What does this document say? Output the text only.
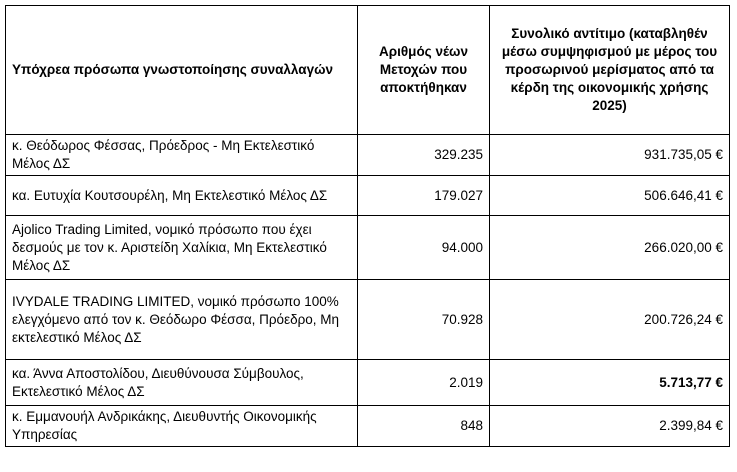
Υπόχρεα πρόσωπα γνωστοποίησης συναλλαγών	Αριθμός νέων Μετοχών που αποκτήθηκαν	Συνολικό αντίτιμο (καταβληθέν μέσω συμψηφισμού με μέρος του προσωρινού μερίσματος από τα κέρδη της οικονομικής χρήσης 2025)
κ. Θεόδωρος Φέσσας, Πρόεδρος - Μη Εκτελεστικό Μέλος ΔΣ	329.235	931.735,05 €
κα. Ευτυχία Κουτσουρέλη, Μη Εκτελεστικό Μέλος ΔΣ	179.027	506.646,41 €
Ajolico Trading Limited, νομικό πρόσωπο που έχει δεσμούς με τον κ. Αριστείδη Χαλίκια, Μη Εκτελεστικό Μέλος ΔΣ	94.000	266.020,00 €
IVYDALE TRADING LIMITED, νομικό πρόσωπο 100% ελεγχόμενο από τον κ. Θεόδωρο Φέσσα, Πρόεδρο, Μη εκτελεστικό Μέλος ΔΣ	70.928	200.726,24 €
κα. Άννα Αποστολίδου, Διευθύνουσα Σύμβουλος, Εκτελεστικό Μέλος ΔΣ	2.019	5.713,77 €
κ. Εμμανουήλ Ανδρικάκης, Διευθυντής Οικονομικής Υπηρεσίας	848	2.399,84 €
